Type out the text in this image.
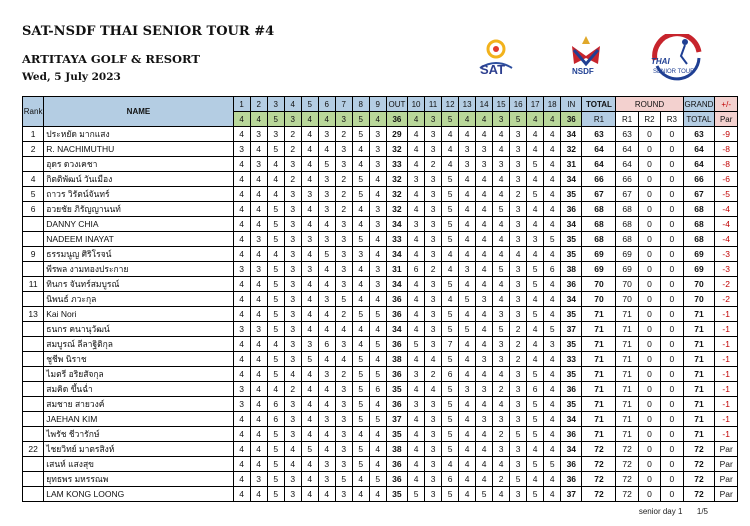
SAT-NSDF THAI SENIOR TOUR #4
ARTITAYA GOLF & RESORT
Wed, 5 July 2023	SAT	NSDF
THAI
SENIOR TOUR
Rank	NAME	1	2	3	4	5	6	7	8	9	OUT	10	11	12	13	14	15	16	17	18	IN	TOTAL	ROUND			GRAND	+/-
		4	4	5	3	4	4	3	5	4	36	4	3	5	4	4	3	5	4	4	36	R1	R1	R2	R3	TOTAL	Par
1	ประหยัด มากแสง	4	3	3	2	4	3	2	5	3	29	4	3	4	4	4	4	3	4	4	34	63	63	0	0	63	-9
2	R. NACHIMUTHU	3	4	5	2	4	4	3	4	3	32	4	3	4	3	3	4	3	4	4	32	64	64	0	0	64	-8
	อุดร ดวงเคชา	4	3	4	3	4	5	3	4	3	33	4	2	4	3	3	3	3	5	4	31	64	64	0	0	64	-8
4	กิตติพัฒน์ วันเมือง	4	4	4	2	4	3	2	5	4	32	3	3	5	4	4	4	3	4	4	34	66	66	0	0	66	-6
5	ถาวร วิรัตน์จันทร์	4	4	4	3	3	3	2	5	4	32	4	3	5	4	4	4	2	5	4	35	67	67	0	0	67	-5
6	อวยชัย ภิรัญญานนท์	4	4	5	3	4	3	2	4	3	32	4	3	5	4	4	5	3	4	4	36	68	68	0	0	68	-4
	DANNY CHIA	4	4	5	3	4	4	3	4	3	34	3	3	5	4	4	4	3	4	4	34	68	68	0	0	68	-4
	NADEEM INAYAT	4	3	5	3	3	3	3	5	4	33	4	3	5	4	4	4	3	3	5	35	68	68	0	0	68	-4
9	ธรรมนูญ ศิริโรจน์	4	4	4	3	4	5	3	3	4	34	4	3	4	4	4	4	4	4	4	35	69	69	0	0	69	-3
	พีรพล งามทองประกาย	3	3	5	3	3	4	3	4	3	31	6	2	4	3	4	5	3	5	6	38	69	69	0	0	69	-3
11	ทินกร จันทร์สมบูรณ์	4	4	5	3	4	4	3	4	3	34	4	3	5	4	4	4	3	5	4	36	70	70	0	0	70	-2
	นิพนธ์ ภวะกุล	4	4	5	3	4	3	5	4	4	36	4	3	4	5	3	4	3	4	4	34	70	70	0	0	70	-2
13	Kai Nori	4	4	5	3	4	4	2	5	5	36	4	3	5	4	4	3	3	5	4	35	71	71	0	0	71	-1
	ธนกร คนานุวัฒน์	3	3	5	3	4	4	4	4	4	34	4	3	5	5	4	5	2	4	5	37	71	71	0	0	71	-1
	สมบูรณ์ ลีลาฐิติกุล	4	4	4	3	3	6	3	4	5	36	5	3	7	4	4	3	2	4	3	35	71	71	0	0	71	-1
	ชูชีพ นิราช	4	4	5	3	5	4	4	5	4	38	4	4	5	4	3	3	2	4	4	33	71	71	0	0	71	-1
	ไมตรี อริยสัจกุล	4	4	5	4	4	3	2	5	5	36	3	2	6	4	4	4	3	5	4	35	71	71	0	0	71	-1
	สมคิด ขึ้นฉ่ำ	3	4	4	2	4	4	3	5	6	35	4	4	5	3	3	2	3	6	4	36	71	71	0	0	71	-1
	สมชาย สายวงค์	3	4	6	3	4	4	3	5	4	36	3	3	5	4	4	4	3	5	4	35	71	71	0	0	71	-1
	JAEHAN KIM	4	4	6	3	4	3	3	5	5	37	4	3	5	4	3	3	3	5	4	34	71	71	0	0	71	-1
	ไพรัช ชีวารักษ์	4	4	5	3	4	4	3	4	4	35	4	3	5	4	4	2	5	5	4	36	71	71	0	0	71	-1
22	ไชยวิทย์ มาตรสิงห์	4	4	5	4	5	4	3	5	4	38	4	3	5	4	4	3	3	4	4	34	72	72	0	0	72	Par
	เสนห์ แสงสุข	4	4	5	4	4	3	3	5	4	36	4	3	4	4	4	4	3	5	5	36	72	72	0	0	72	Par
	ยุทธพร มหรรณพ	4	3	5	3	4	3	5	4	5	36	4	3	6	4	4	2	5	4	4	36	72	72	0	0	72	Par
	LAM KONG LOONG	4	4	5	3	4	4	3	4	4	35	5	3	5	4	5	4	3	5	4	37	72	72	0	0	72	Par
senior day 1 1/5
